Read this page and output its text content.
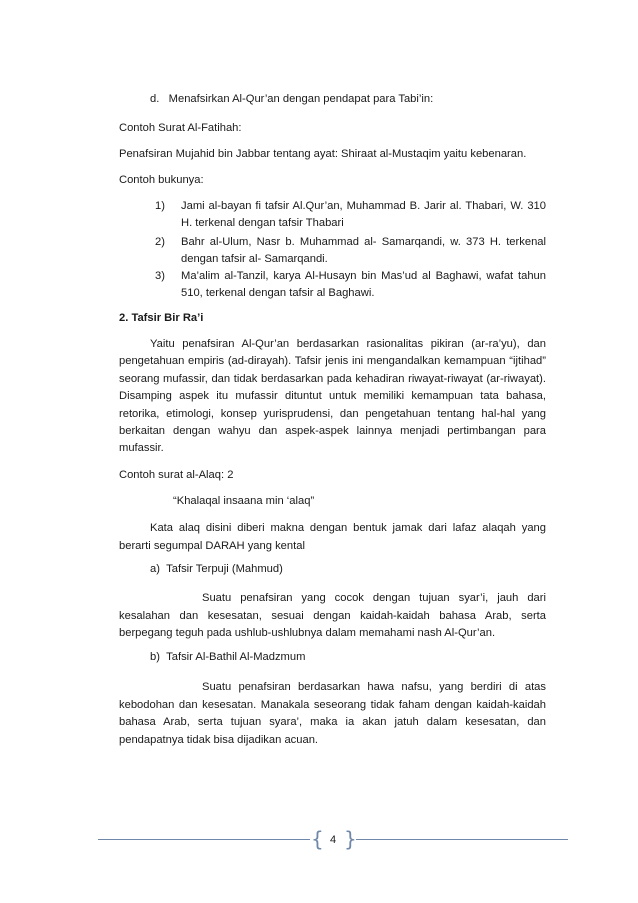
d.   Menafsirkan Al-Qur’an dengan pendapat para Tabi’in:

Contoh Surat Al-Fatihah:

Penafsiran Mujahid bin Jabbar tentang ayat: Shiraat al-Mustaqim yaitu kebenaran.

Contoh bukunya:

1) Jami al-bayan fi tafsir Al.Qur’an, Muhammad B. Jarir al. Thabari, W. 310 H. terkenal dengan tafsir Thabari
2) Bahr al-Ulum, Nasr b. Muhammad al- Samarqandi, w. 373 H. terkenal dengan tafsir al- Samarqandi.
3) Ma’alim al-Tanzil, karya Al-Husayn bin Mas’ud al Baghawi, wafat tahun 510, terkenal dengan tafsir al Baghawi.

2. Tafsir Bir Ra’i

Yaitu penafsiran Al-Qur’an berdasarkan rasionalitas pikiran (ar-ra’yu), dan pengetahuan empiris (ad-dirayah). Tafsir jenis ini mengandalkan kemampuan “ijtihad” seorang mufassir, dan tidak berdasarkan pada kehadiran riwayat-riwayat (ar-riwayat). Disamping aspek itu mufassir dituntut untuk memiliki kemampuan tata bahasa, retorika, etimologi, konsep yurisprudensi, dan pengetahuan tentang hal-hal yang berkaitan dengan wahyu dan aspek-aspek lainnya menjadi pertimbangan para mufassir.

Contoh surat al-Alaq: 2

“Khalaqal insaana min ‘alaq”

Kata alaq disini diberi makna dengan bentuk jamak dari lafaz alaqah yang berarti segumpal DARAH yang kental

a)  Tafsir Terpuji (Mahmud)

Suatu penafsiran yang cocok dengan tujuan syar’i, jauh dari kesalahan dan kesesatan, sesuai dengan kaidah-kaidah bahasa Arab, serta berpegang teguh pada ushlub-ushlubnya dalam memahami nash Al-Qur’an.

b)  Tafsir Al-Bathil Al-Madzmum

Suatu penafsiran berdasarkan hawa nafsu, yang berdiri di atas kebodohan dan kesesatan. Manakala seseorang tidak faham dengan kaidah-kaidah bahasa Arab, serta tujuan syara’, maka ia akan jatuh dalam kesesatan, dan pendapatnya tidak bisa dijadikan acuan.

{ }
4
